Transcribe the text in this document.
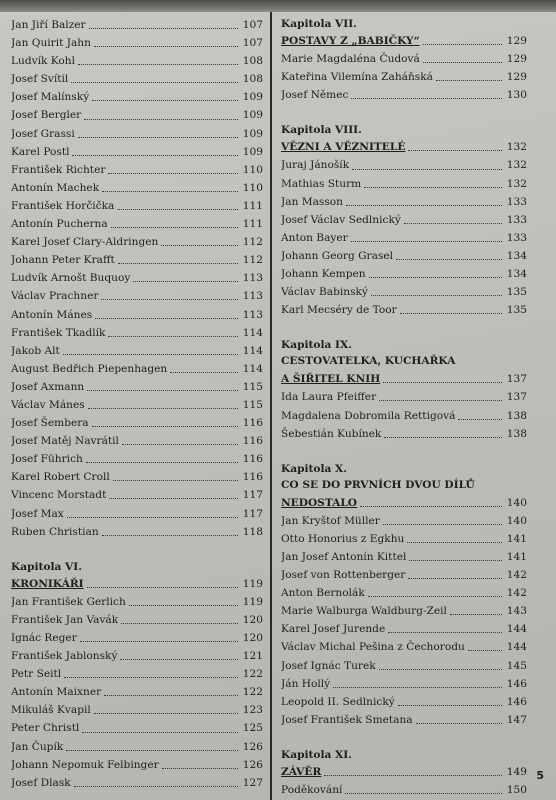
Jan Jiří Balzer	107
Jan Quirit Jahn	107
Ludvík Kohl	108
Josef Svítil	108
Josef Malínský	109
Josef Bergler	109
Josef Grassi	109
Karel Postl	109
František Richter	110
Antonín Machek	110
František Horčička	111
Antonín Pucherna	111
Karel Josef Clary-Aldringen	112
Johann Peter Krafft	112
Ludvík Arnošt Buquoy	113
Václav Prachner	113
Antonín Mánes	113
František Tkadlík	114
Jakob Alt	114
August Bedřich Piepenhagen	114
Josef Axmann	115
Václav Mánes	115
Josef Šembera	116
Josef Matěj Navrátil	116
Josef Führich	116
Karel Robert Croll	116
Vincenc Morstadt	117
Josef Max	117
Ruben Christian	118
Kapitola VI.
KRONIKÁŘI	119
Jan František Gerlich	119
František Jan Vavák	120
Ignác Reger	120
František Jablonský	121
Petr Seitl	122
Antonín Maixner	122
Mikuláš Kvapil	123
Peter Christl	125
Jan Čupík	126
Johann Nepomuk Felbinger	126
Josef Dlask	127
Kapitola VII.
POSTAVY Z „BABIČKY“	129
Marie Magdaléna Čudová	129
Kateřina Vilemína Zaháňská	129
Josef Němec	130
Kapitola VIII.
VĚZNI A VĚZNITELÉ	132
Juraj Jánošík	132
Mathias Sturm	132
Jan Masson	133
Josef Václav Sedlnický	133
Anton Bayer	133
Johann Georg Grasel	134
Johann Kempen	134
Václav Babinský	135
Karl Mecséry de Toor	135
Kapitola IX.
CESTOVATELKA, KUCHAŘKA
A ŠIŘITEL KNIH	137
Ida Laura Pfeiffer	137
Magdalena Dobromila Rettigová	138
Šebestián Kubínek	138
Kapitola X.
CO SE DO PRVNÍCH DVOU DÍLŮ
NEDOSTALO	140
Jan Kryštof Müller	140
Otto Honorius z Egkhu	141
Jan Josef Antonín Kittel	141
Josef von Rottenberger	142
Anton Bernolák	142
Marie Walburga Waldburg-Zeil	143
Karel Josef Jurende	144
Václav Michal Pešina z Čechorodu	144
Josef Ignác Turek	145
Ján Hollý	146
Leopold II. Sedlnický	146
Josef František Smetana	147
Kapitola XI.
ZÁVĚR	149
Poděkování	150
5
